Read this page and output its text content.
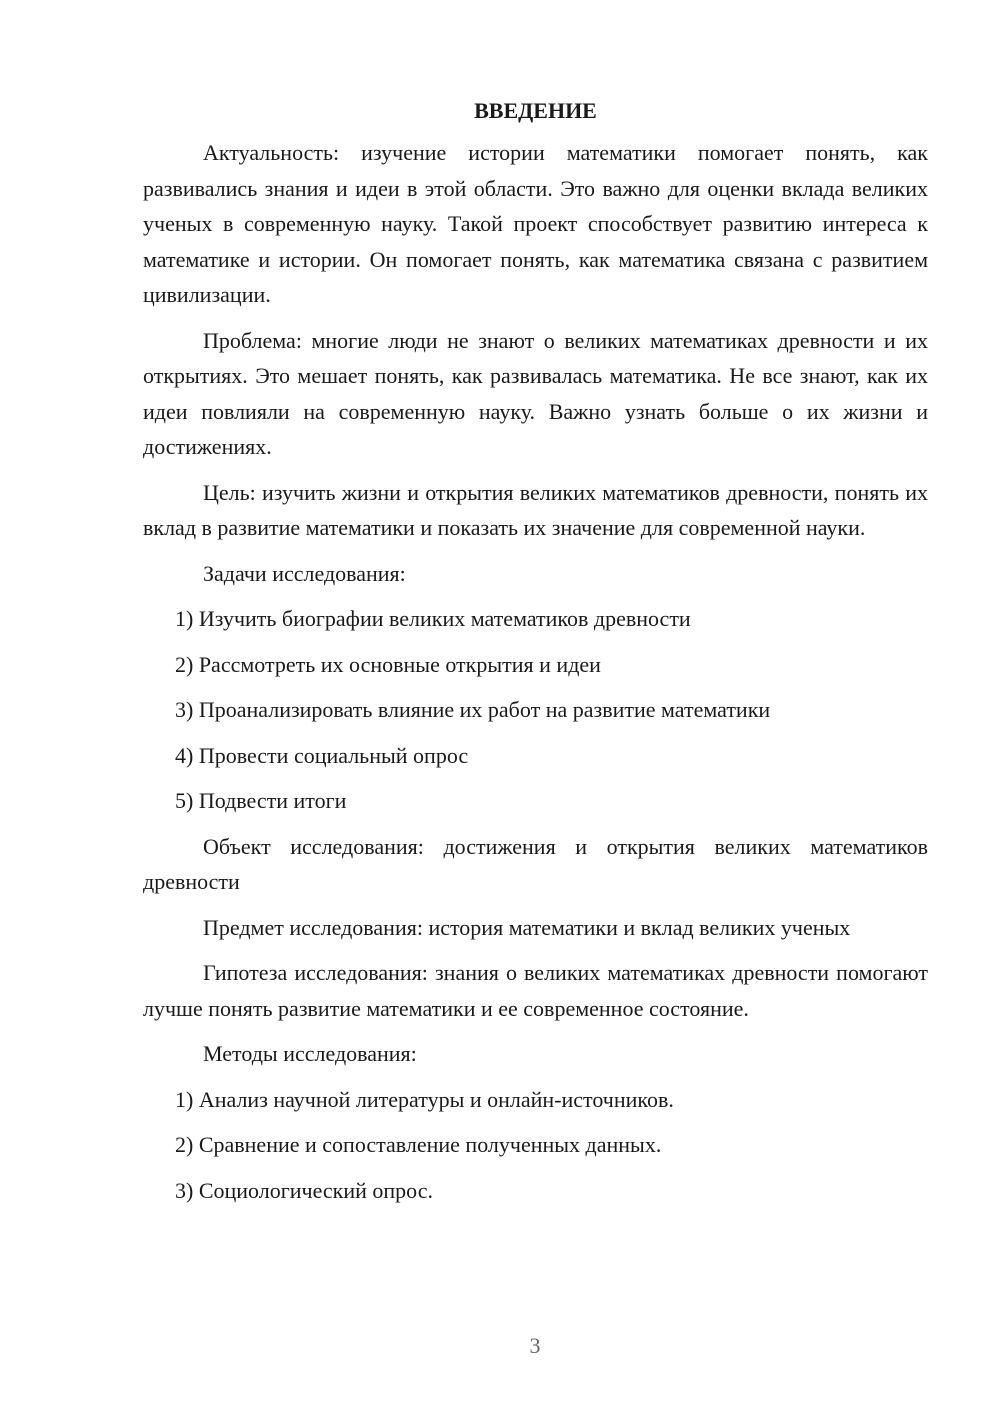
ВВЕДЕНИЕ
Актуальность: изучение истории математики помогает понять, как развивались знания и идеи в этой области. Это важно для оценки вклада великих ученых в современную науку. Такой проект способствует развитию интереса к математике и истории. Он помогает понять, как математика связана с развитием цивилизации.
Проблема: многие люди не знают о великих математиках древности и их открытиях. Это мешает понять, как развивалась математика. Не все знают, как их идеи повлияли на современную науку. Важно узнать больше о их жизни и достижениях.
Цель: изучить жизни и открытия великих математиков древности, понять их вклад в развитие математики и показать их значение для современной науки.
Задачи исследования:
1) Изучить биографии великих математиков древности
2) Рассмотреть их основные открытия и идеи
3) Проанализировать влияние их работ на развитие математики
4) Провести социальный опрос
5) Подвести итоги
Объект исследования: достижения и открытия великих математиков древности
Предмет исследования: история математики и вклад великих ученых
Гипотеза исследования: знания о великих математиках древности помогают лучше понять развитие математики и ее современное состояние.
Методы исследования:
1) Анализ научной литературы и онлайн-источников.
2) Сравнение и сопоставление полученных данных.
3) Социологический опрос.
3
